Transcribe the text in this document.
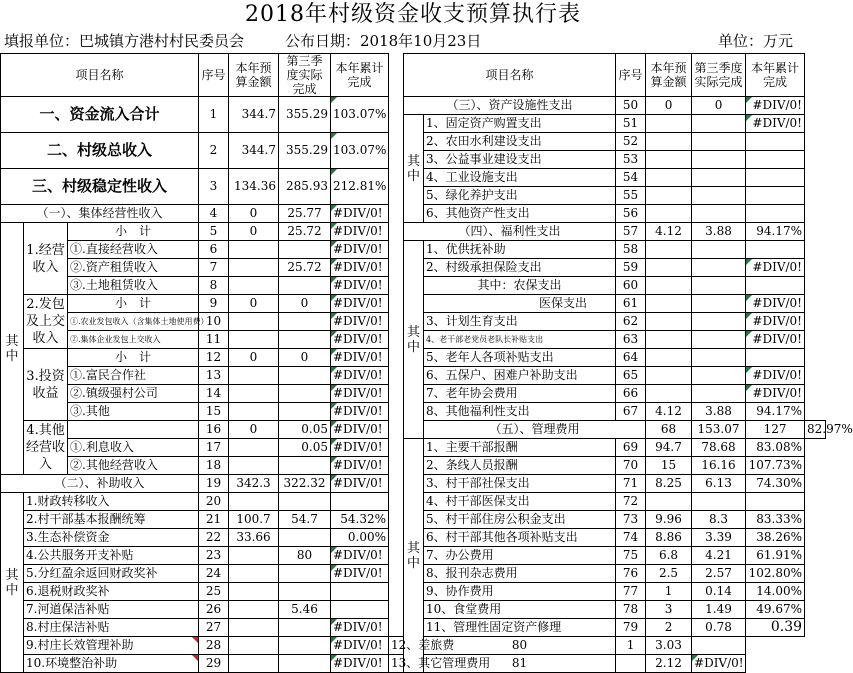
2018年村级资金收支预算执行表
填报单位：巴城镇方港村村民委员会	公布日期：2018年10月23日	单位：万元
项目名称			序号	本年预算金额	第三季度实际完成	本年累计完成		项目名称		序号	本年预算金额	第三季度实际完成	本年累计完成	
一、资金流入合计			1	344.7	355.29	103.07%		（三）、资产设施性支出		50	0	0	#DIV/0!	
								其中	1、固定资产购置支出	51			#DIV/0!	
二、村级总收入			2	344.7	355.29	103.07%			2、农田水利建设支出	52				
									3、公益事业建设支出	53				
三、村级稳定性收入			3	134.36	285.93	212.81%			4、工业设施支出	54				
									5、绿化养护支出	55				
（一）、集体经营性收入			4	0	25.77	#DIV/0!			6、其他资产性支出	56				
其中	1.经营收入	小　计	5	0	25.72	#DIV/0!		（四）、福利性支出		57	4.12	3.88	94.17%	
		①.直接经营收入	6			#DIV/0!		其中	1、优供抚补助	58				
		②.资产租赁收入	7		25.72	#DIV/0!			2、村级承担保险支出	59			#DIV/0!	
		③.土地租赁收入	8			#DIV/0!			其中：农保支出	60				
	2.发包及上交收入	小　计	9	0	0	#DIV/0!			医保支出	61			#DIV/0!	
		①.农业发包收入（含集体土地使用费）	10			#DIV/0!			3、计划生育支出	62			#DIV/0!	
		②.集体企业发包上交收入	11			#DIV/0!			4、老干部老党员老队长补贴支出	63			#DIV/0!	
	3.投资收益	小　计	12	0	0	#DIV/0!			5、老年人各项补贴支出	64				
		①.富民合作社	13			#DIV/0!			6、五保户、困难户补助支出	65			#DIV/0!	
		②.镇级强村公司	14			#DIV/0!			7、老年协会费用	66			#DIV/0!	
		③.其他	15			#DIV/0!			8、其他福利性支出	67	4.12	3.88	94.17%	
	4.其他经营收入		16	0	0.05	#DIV/0!			（五）、管理费用		68	153.07	127	82.97%
		①.利息收入	17		0.05	#DIV/0!		其中	1、主要干部报酬	69	94.7	78.68	83.08%	
		②.其他经营收入	18			#DIV/0!			2、条线人员报酬	70	15	16.16	107.73%	
（二）、补助收入			19	342.3	322.32	#DIV/0!			3、村干部社保支出	71	8.25	6.13	74.30%	
其中	1.财政转移收入		20						4、村干部医保支出	72				
	2.村干部基本报酬统筹		21	100.7	54.7	54.32%			5、村干部住房公积金支出	73	9.96	8.3	83.33%	
	3.生态补偿资金		22	33.66		0.00%			6、村干部其他各项补贴支出	74	8.86	3.39	38.26%	
	4.公共服务开支补贴		23		80	#DIV/0!			7、办公费用	75	6.8	4.21	61.91%	
	5.分红盈余返回财政奖补		24			#DIV/0!			8、报刊杂志费用	76	2.5	2.57	102.80%	
	6.退税财政奖补		25						9、协作费用	77	1	0.14	14.00%	
	7.河道保洁补贴		26		5.46				10、食堂费用	78	3	1.49	49.67%	
	8.村庄保洁补贴		27			#DIV/0!			11、管理性固定资产修理	79	2	0.78	0.39	
	9.村庄长效管理补助		28			#DIV/0!	12、差旅费		80	1	3.03			
	10.环境整治补助		29			#DIV/0!	13、其它管理费用		81		2.12	#DIV/0!		
